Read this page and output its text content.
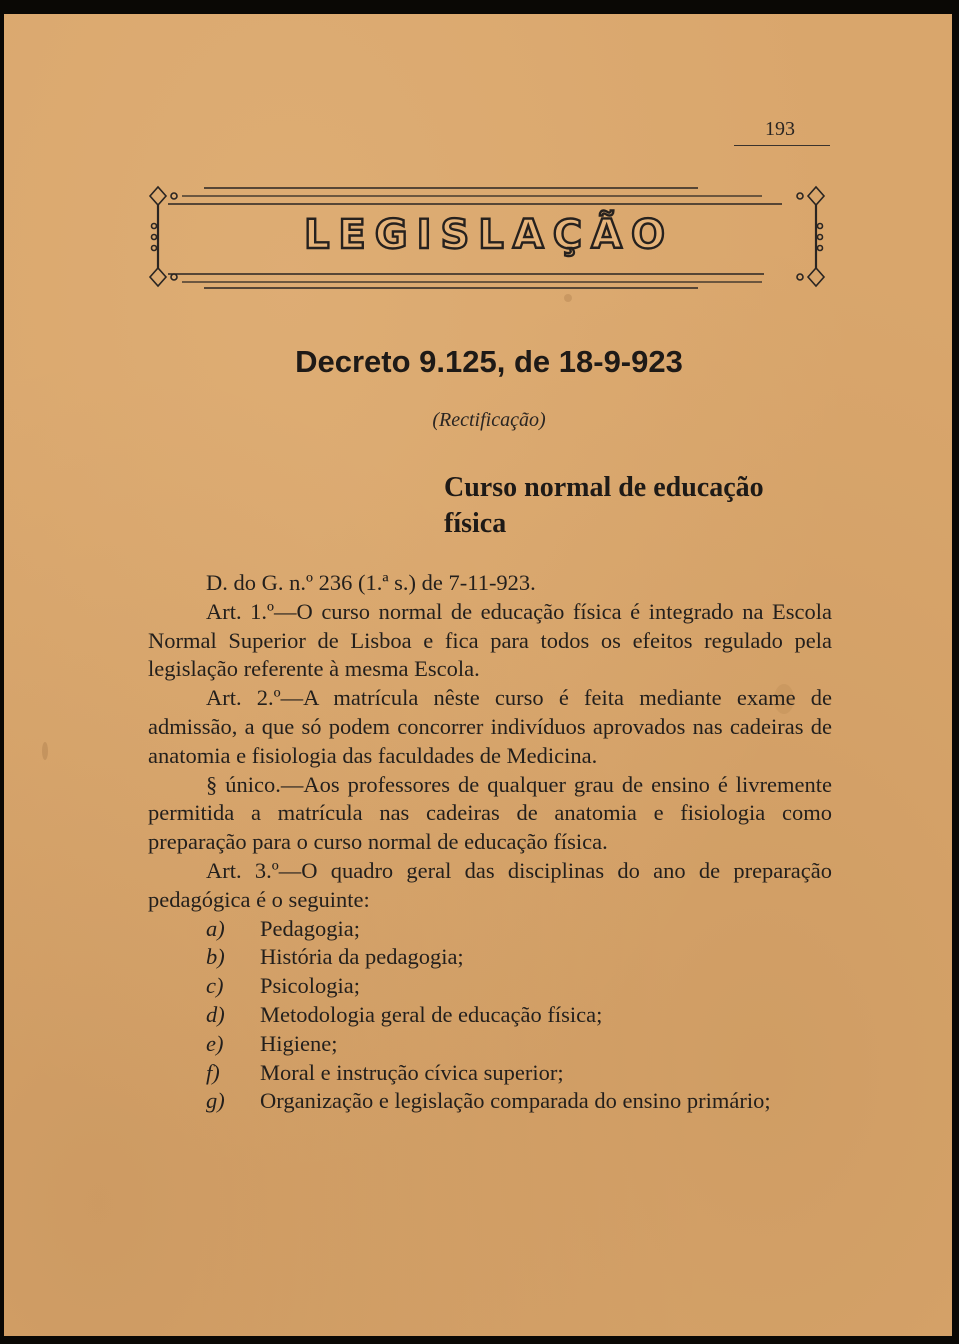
193
LEGISLAÇÃO
Decreto 9.125, de 18-9-923
(Rectificação)
Curso normal de educação
física

D. do G. n.º 236 (1.ª s.) de 7-11-923.

Art. 1.º—O curso normal de educação física é integrado na Escola Normal Superior de Lisboa e fica para todos os efeitos regulado pela legislação referente à mesma Escola.

Art. 2.º—A matrícula nêste curso é feita mediante exame de admissão, a que só podem concorrer indivíduos aprovados nas cadeiras de anatomia e fisiologia das faculdades de Medicina.

§ único.—Aos professores de qualquer grau de ensino é livremente permitida a matrícula nas cadeiras de anatomia e fisiologia como preparação para o curso normal de educação física.

Art. 3.º—O quadro geral das disciplinas do ano de preparação pedagógica é o seguinte:

a) Pedagogia;
b) História da pedagogia;
c) Psicologia;
d) Metodologia geral de educação física;
e) Higiene;
f) Moral e instrução cívica superior;
g) Organização e legislação comparada do ensino primário;
